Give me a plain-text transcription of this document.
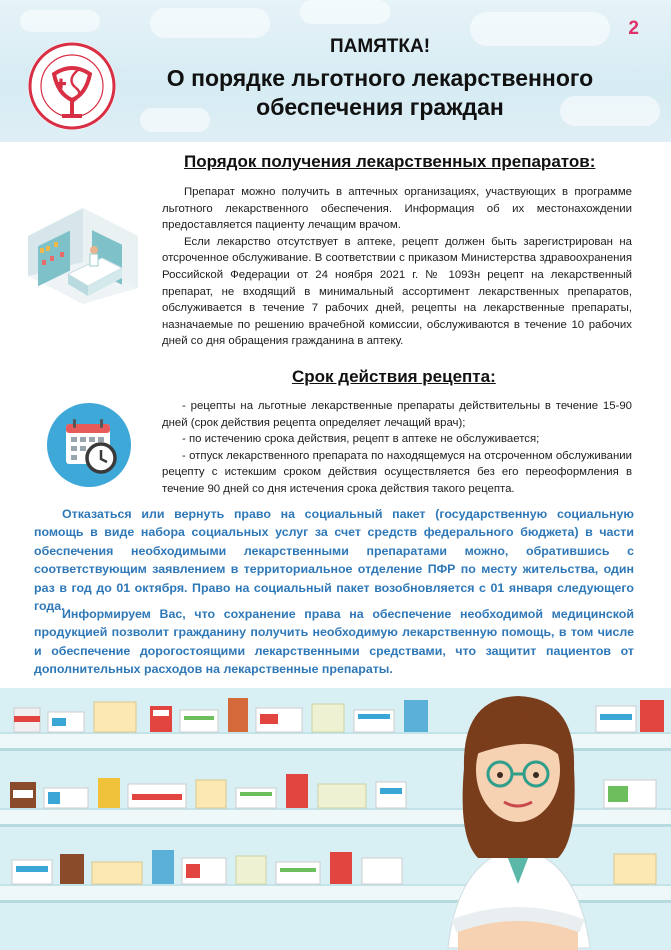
2

ПАМЯТКА!

О порядке льготного лекарственного обеспечения граждан

Порядок получения лекарственных препаратов:

Препарат можно получить в аптечных организациях, участвующих в программе льготного лекарственного обеспечения. Информация об их местонахождении предоставляется пациенту лечащим врачом.

Если лекарство отсутствует в аптеке, рецепт должен быть зарегистрирован на отсроченное обслуживание. В соответствии с приказом Министерства здравоохранения Российской Федерации от 24 ноября 2021 г. № 1093н рецепт на лекарственный препарат, не входящий в минимальный ассортимент лекарственных препаратов, обслуживается в течение 7 рабочих дней, рецепты на лекарственные препараты, назначаемые по решению врачебной комиссии, обслуживаются в течение 10 рабочих дней со дня обращения гражданина в аптеку.

Срок действия рецепта:

- рецепты на льготные лекарственные препараты действительны в течение 15-90 дней (срок действия рецепта определяет лечащий врач);

- по истечению срока действия, рецепт в аптеке не обслуживается;

- отпуск лекарственного препарата по находящемуся на отсроченном обслуживании рецепту с истекшим сроком действия осуществляется без его переоформления в течение 90 дней со дня истечения срока действия такого рецепта.

Отказаться или вернуть право на социальный пакет (государственную социальную помощь в виде набора социальных услуг за счет средств федерального бюджета) в части обеспечения необходимыми лекарственными препаратами можно, обратившись с соответствующим заявлением в территориальное отделение ПФР по месту жительства, один раз в год до 01 октября. Право на социальный пакет возобновляется с 01 января следующего года.

Информируем Вас, что сохранение права на обеспечение необходимой медицинской продукцией позволит гражданину получить необходимую лекарственную помощь, в том числе и обеспечение дорогостоящими лекарственными средствами, что защитит пациентов от дополнительных расходов на лекарственные препараты.
